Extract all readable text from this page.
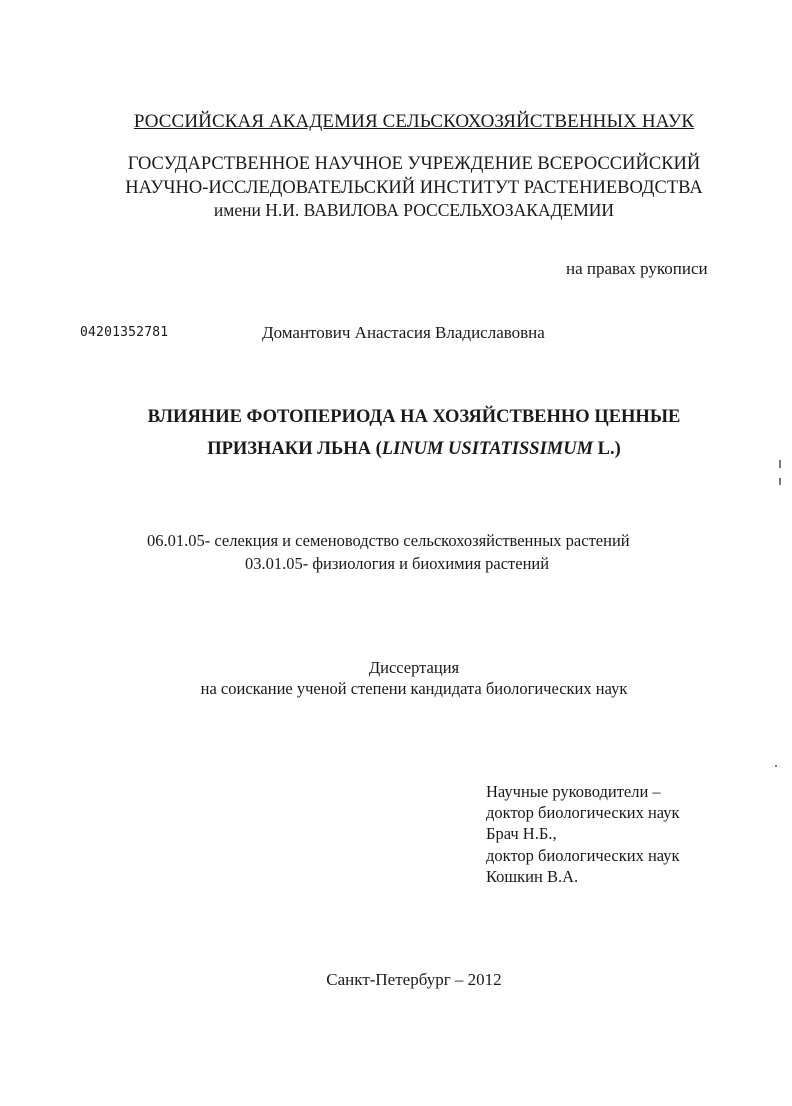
РОССИЙСКАЯ АКАДЕМИЯ СЕЛЬСКОХОЗЯЙСТВЕННЫХ НАУК
ГОСУДАРСТВЕННОЕ НАУЧНОЕ УЧРЕЖДЕНИЕ ВСЕРОССИЙСКИЙ
НАУЧНО-ИССЛЕДОВАТЕЛЬСКИЙ ИНСТИТУТ РАСТЕНИЕВОДСТВА
имени Н.И. ВАВИЛОВА РОССЕЛЬХОЗАКАДЕМИИ
на правах рукописи
04201352781	Домантович Анастасия Владиславовна
ВЛИЯНИЕ ФОТОПЕРИОДА НА ХОЗЯЙСТВЕННО ЦЕННЫЕ
ПРИЗНАКИ ЛЬНА (LINUM USITATISSIMUM L.)
06.01.05- селекция и семеноводство сельскохозяйственных растений
03.01.05- физиология и биохимия растений
Диссертация
на соискание ученой степени кандидата биологических наук
Научные руководители –
доктор биологических наук
Брач Н.Б.,
доктор биологических наук
Кошкин В.А.
Санкт-Петербург – 2012
